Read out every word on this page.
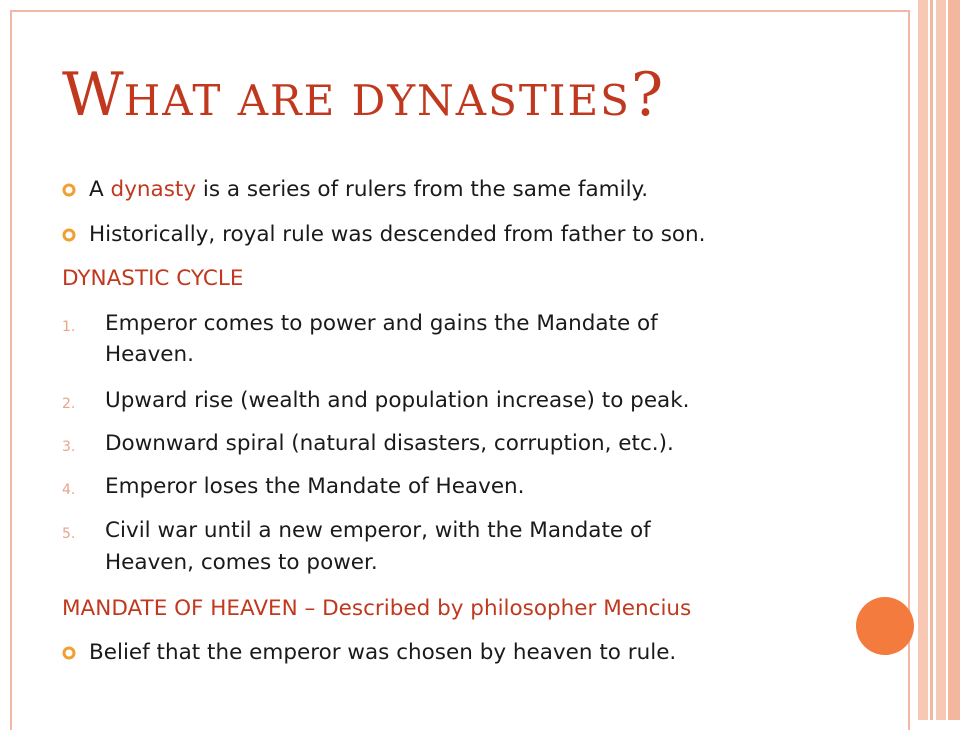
WHAT ARE DYNASTIES?
A dynasty is a series of rulers from the same family.
Historically, royal rule was descended from father to son.
DYNASTIC CYCLE
1. Emperor comes to power and gains the Mandate of
Heaven.
2. Upward rise (wealth and population increase) to peak.
3. Downward spiral (natural disasters, corruption, etc.).
4. Emperor loses the Mandate of Heaven.
5. Civil war until a new emperor, with the Mandate of
Heaven, comes to power.
MANDATE OF HEAVEN – Described by philosopher Mencius
Belief that the emperor was chosen by heaven to rule.
